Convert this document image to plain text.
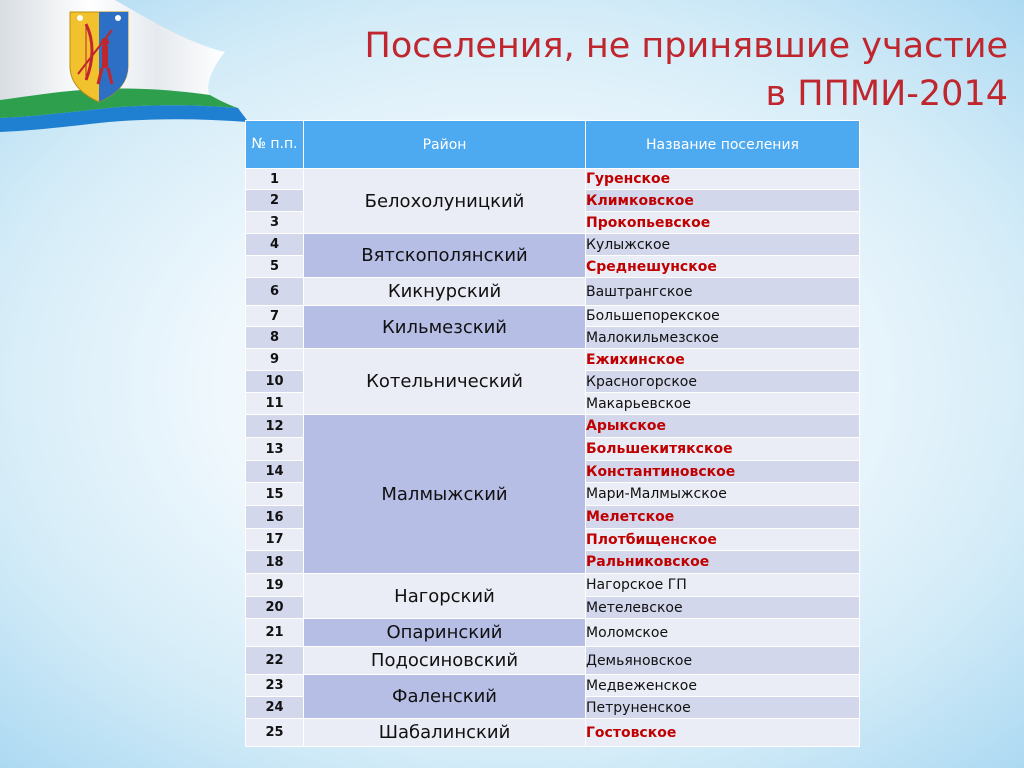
Поселения, не принявшие участие
в ППМИ-2014
№ п.п.	Район	Название поселения
1	Белохолуницкий	Гуренское
2		Климковское
3		Прокопьевское
4	Вятскополянский	Кулыжское
5		Среднешунское
6	Кикнурский	Ваштрангское
7	Кильмезский	Большепорекское
8		Малокильмезское
9	Котельнический	Ежихинское
10		Красногорское
11		Макарьевское
12	Малмыжский	Арыкское
13		Большекитякское
14		Константиновское
15		Мари-Малмыжское
16		Мелетское
17		Плотбищенское
18		Ральниковское
19	Нагорский	Нагорское ГП
20		Метелевское
21	Опаринский	Моломское
22	Подосиновский	Демьяновское
23	Фаленский	Медвеженское
24		Петруненское
25	Шабалинский	Гостовское
